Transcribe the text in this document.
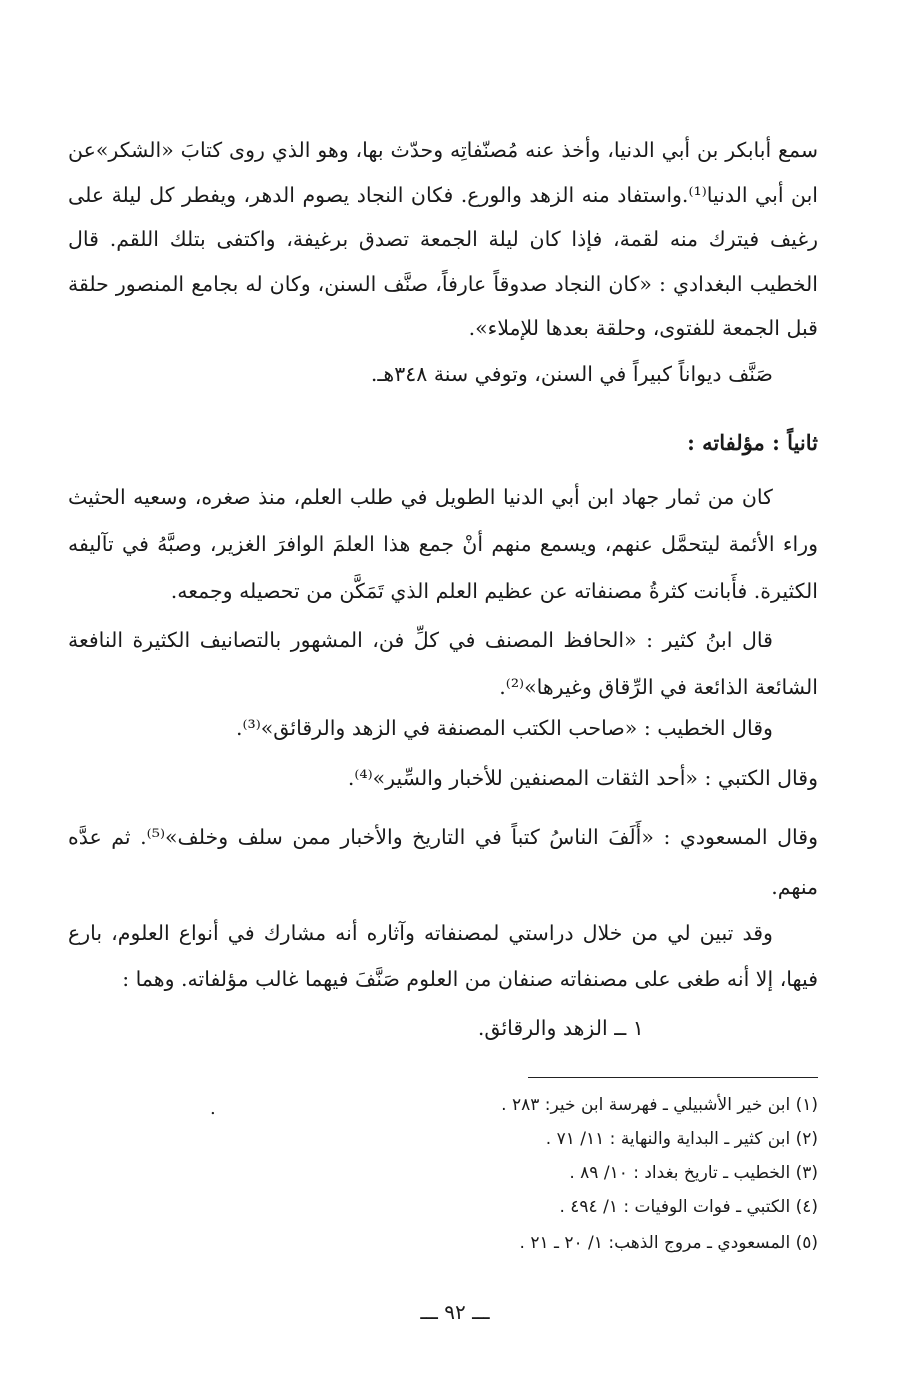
سمع أبابكر بن أبي الدنيا، وأخذ عنه مُصنّفاتِه وحدّث بها، وهو الذي روى كتابَ «الشكر»عن ابن أبي الدنيا⁽¹⁾.واستفاد منه الزهد والورع. فكان النجاد يصوم الدهر، ويفطر كل ليلة على رغيف فيترك منه لقمة، فإذا كان ليلة الجمعة تصدق برغيفة، واكتفى بتلك اللقم. قال الخطيب البغدادي : «كان النجاد صدوقاً عارفاً، صنَّف السنن، وكان له بجامع المنصور حلقة قبل الجمعة للفتوى، وحلقة بعدها للإملاء».
صَنَّف ديواناً كبيراً في السنن، وتوفي سنة ٣٤٨هـ.
ثانياً : مؤلفاته :
كان من ثمار جهاد ابن أبي الدنيا الطويل في طلب العلم، منذ صغره، وسعيه الحثيث وراء الأئمة ليتحمَّل عنهم، ويسمع منهم أنْ جمع هذا العلمَ الوافرَ الغزير، وصبَّهُ في تآليفه الكثيرة. فأَبانت كثرةُ مصنفاته عن عظيم العلم الذي تَمَكَّن من تحصيله وجمعه.
قال ابنُ كثير : «الحافظ المصنف في كلِّ فن، المشهور بالتصانيف الكثيرة النافعة الشائعة الذائعة في الرِّقاق وغيرها»⁽²⁾.
وقال الخطيب : «صاحب الكتب المصنفة في الزهد والرقائق»⁽³⁾.
وقال الكتبي : «أحد الثقات المصنفين للأخبار والسِّير»⁽⁴⁾.
وقال المسعودي : «أَلَفَ الناسُ كتباً في التاريخ والأخبار ممن سلف وخلف»⁽⁵⁾. ثم عدَّه منهم.
وقد تبين لي من خلال دراستي لمصنفاته وآثاره أنه مشارك في أنواع العلوم، بارع فيها، إلا أنه طغى على مصنفاته صنفان من العلوم صَنَّفَ فيهما غالب مؤلفاته. وهما :
١ ــ الزهد والرقائق.
.	(١) ابن خير الأشبيلي ـ فهرسة ابن خير: ٢٨٣ .
(٢) ابن كثير ـ البداية والنهاية : ١١/ ٧١ .
(٣) الخطيب ـ تاريخ بغداد : ١٠/ ٨٩ .
(٤) الكتبي ـ فوات الوفيات : ١/ ٤٩٤ .
(٥) المسعودي ـ مروج الذهب: ١/ ٢٠ ـ ٢١ .
ـــ ٩٢ ـــ
